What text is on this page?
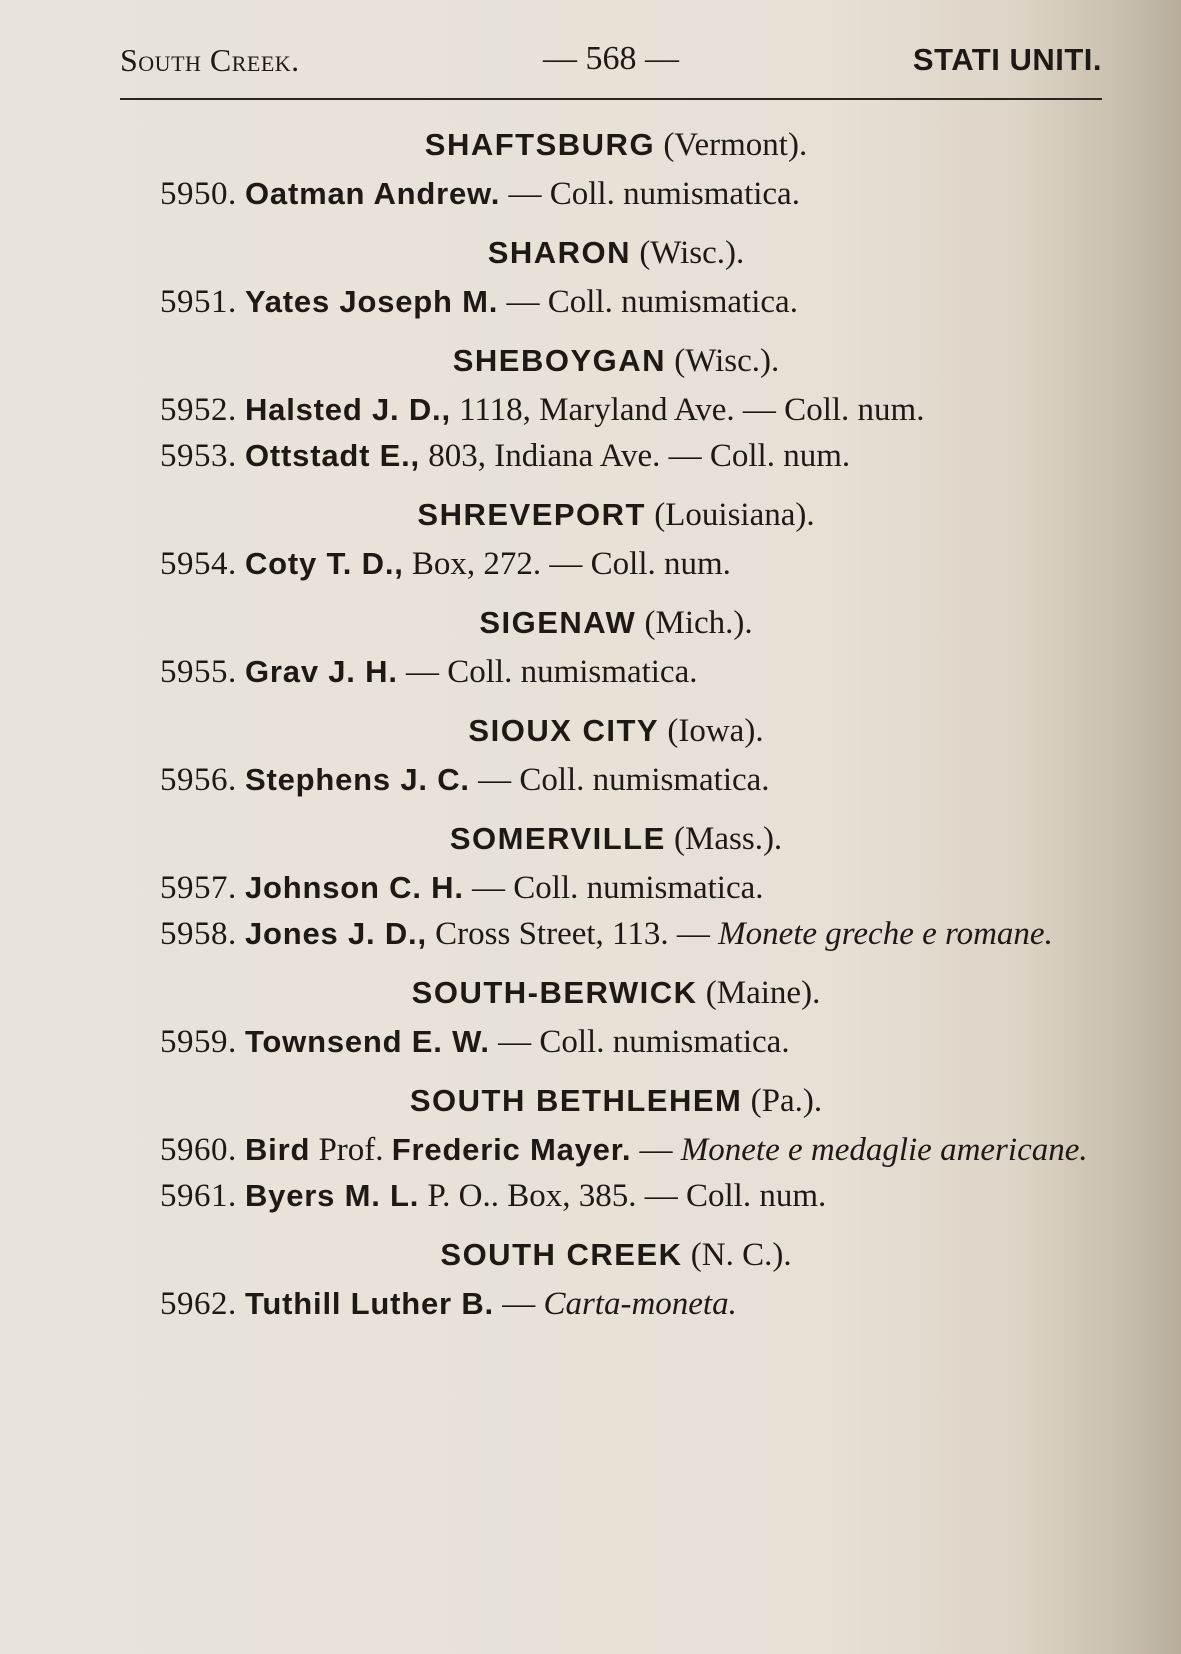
South Creek.	— 568 —	STATI UNITI.
SHAFTSBURG (Vermont).
5950. Oatman Andrew. — Coll. numismatica.
SHARON (Wisc.).
5951. Yates Joseph M. — Coll. numismatica.
SHEBOYGAN (Wisc.).
5952. Halsted J. D., 1118, Maryland Ave. — Coll. num.
5953. Ottstadt E., 803, Indiana Ave. — Coll. num.
SHREVEPORT (Louisiana).
5954. Coty T. D., Box, 272. — Coll. num.
SIGENAW (Mich.).
5955. Grav J. H. — Coll. numismatica.
SIOUX CITY (Iowa).
5956. Stephens J. C. — Coll. numismatica.
SOMERVILLE (Mass.).
5957. Johnson C. H. — Coll. numismatica.
5958. Jones J. D., Cross Street, 113. — Monete greche e romane.
SOUTH-BERWICK (Maine).
5959. Townsend E. W. — Coll. numismatica.
SOUTH BETHLEHEM (Pa.).
5960. Bird Prof. Frederic Mayer. — Monete e medaglie americane.
5961. Byers M. L. P. O.. Box, 385. — Coll. num.
SOUTH CREEK (N. C.).
5962. Tuthill Luther B. — Carta-moneta.
